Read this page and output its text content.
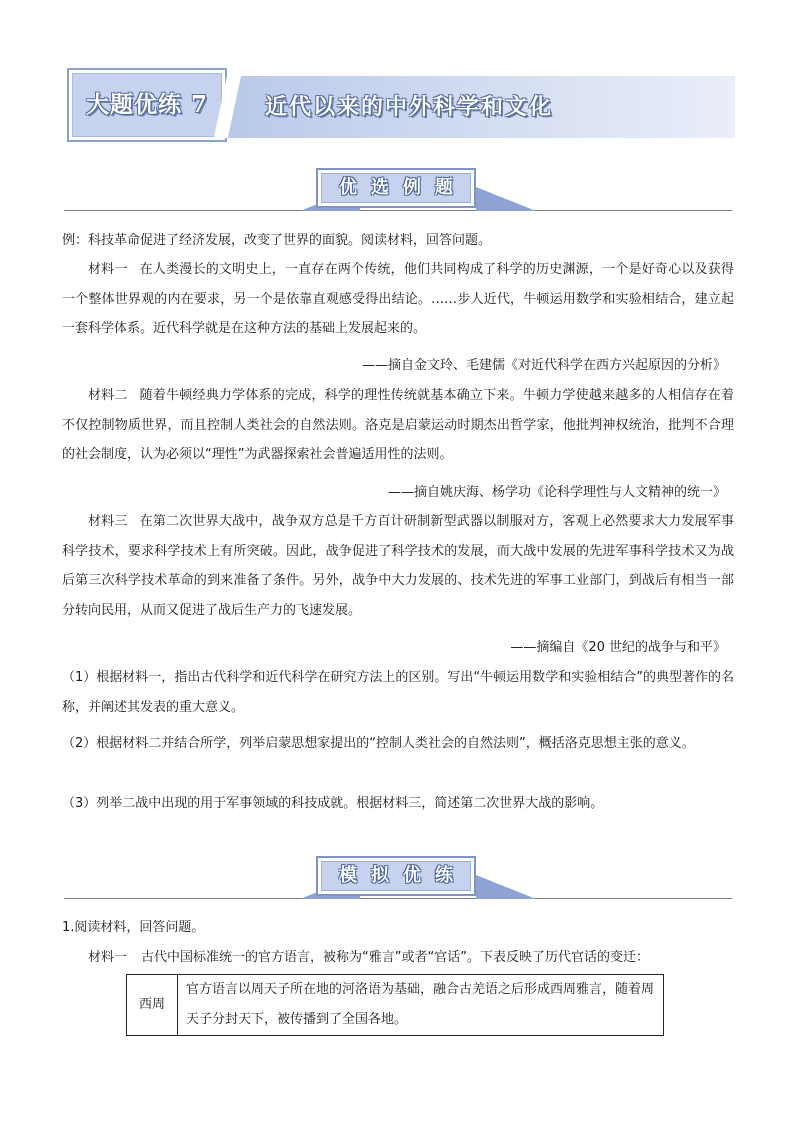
大题优练 7	近代以来的中外科学和文化
优选例题
例：科技革命促进了经济发展，改变了世界的面貌。阅读材料，回答问题。
材料一 在人类漫长的文明史上，一直存在两个传统，他们共同构成了科学的历史渊源，一个是好奇心以及获得一个整体世界观的内在要求，另一个是依靠直观感受得出结论。……步人近代，牛顿运用数学和实验相结合，建立起一套科学体系。近代科学就是在这种方法的基础上发展起来的。
——摘自金文玲、毛建儒《对近代科学在西方兴起原因的分析》
材料二 随着牛顿经典力学体系的完成，科学的理性传统就基本确立下来。牛顿力学使越来越多的人相信存在着不仅控制物质世界，而且控制人类社会的自然法则。洛克是启蒙运动时期杰出哲学家，他批判神权统治，批判不合理的社会制度，认为必须以“理性”为武器探索社会普遍适用性的法则。
——摘自姚庆海、杨学功《论科学理性与人文精神的统一》
材料三 在第二次世界大战中，战争双方总是千方百计研制新型武器以制服对方，客观上必然要求大力发展军事科学技术，要求科学技术上有所突破。因此，战争促进了科学技术的发展，而大战中发展的先进军事科学技术又为战后第三次科学技术革命的到来准备了条件。另外，战争中大力发展的、技术先进的军事工业部门，到战后有相当一部分转向民用，从而又促进了战后生产力的飞速发展。
——摘编自《20 世纪的战争与和平》
（1）根据材料一，指出古代科学和近代科学在研究方法上的区别。写出“牛顿运用数学和实验相结合”的典型著作的名称，并阐述其发表的重大意义。
（2）根据材料二并结合所学，列举启蒙思想家提出的“控制人类社会的自然法则”，概括洛克思想主张的意义。
（3）列举二战中出现的用于军事领域的科技成就。根据材料三，简述第二次世界大战的影响。
模拟优练
1.阅读材料，回答问题。
材料一 古代中国标准统一的官方语言，被称为“雅言”或者“官话”。下表反映了历代官话的变迁：
西周	官方语言以周天子所在地的河洛语为基础，融合古羌语之后形成西周雅言，随着周天子分封天下，被传播到了全国各地。
